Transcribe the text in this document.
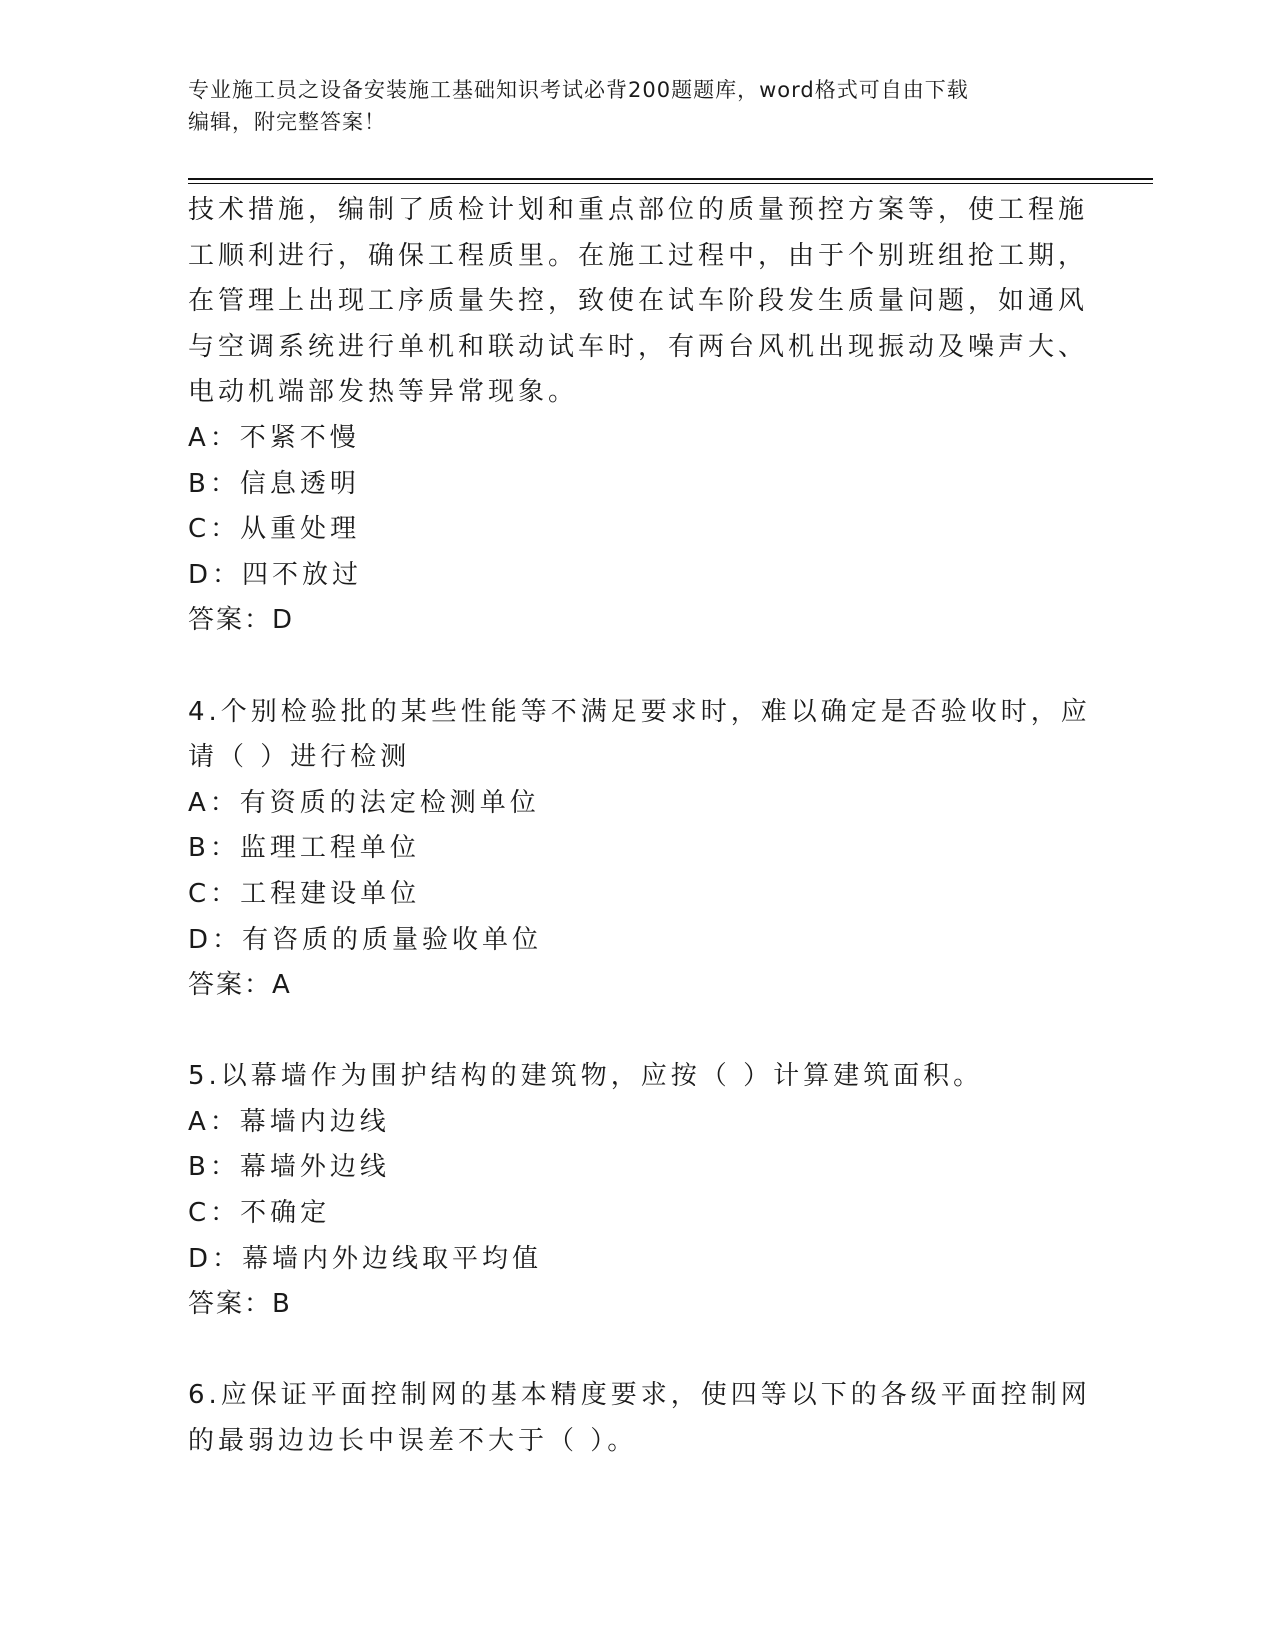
专业施工员之设备安装施工基础知识考试必背200题题库，word格式可自由下载
编辑，附完整答案！
技术措施，编制了质检计划和重点部位的质量预控方案等，使工程施
工顺利进行，确保工程质里。在施工过程中，由于个别班组抢工期，
在管理上出现工序质量失控，致使在试车阶段发生质量问题，如通风
与空调系统进行单机和联动试车时，有两台风机出现振动及噪声大、
电动机端部发热等异常现象。
A：不紧不慢
B：信息透明
C：从重处理
D：四不放过
答案：D
4.个别检验批的某些性能等不满足要求时，难以确定是否验收时，应
请（ ）进行检测
A：有资质的法定检测单位
B：监理工程单位
C：工程建设单位
D：有咨质的质量验收单位
答案：A
5.以幕墙作为围护结构的建筑物，应按（ ）计算建筑面积。
A：幕墙内边线
B：幕墙外边线
C：不确定
D：幕墙内外边线取平均值
答案：B
6.应保证平面控制网的基本精度要求，使四等以下的各级平面控制网
的最弱边边长中误差不大于（ ）。
